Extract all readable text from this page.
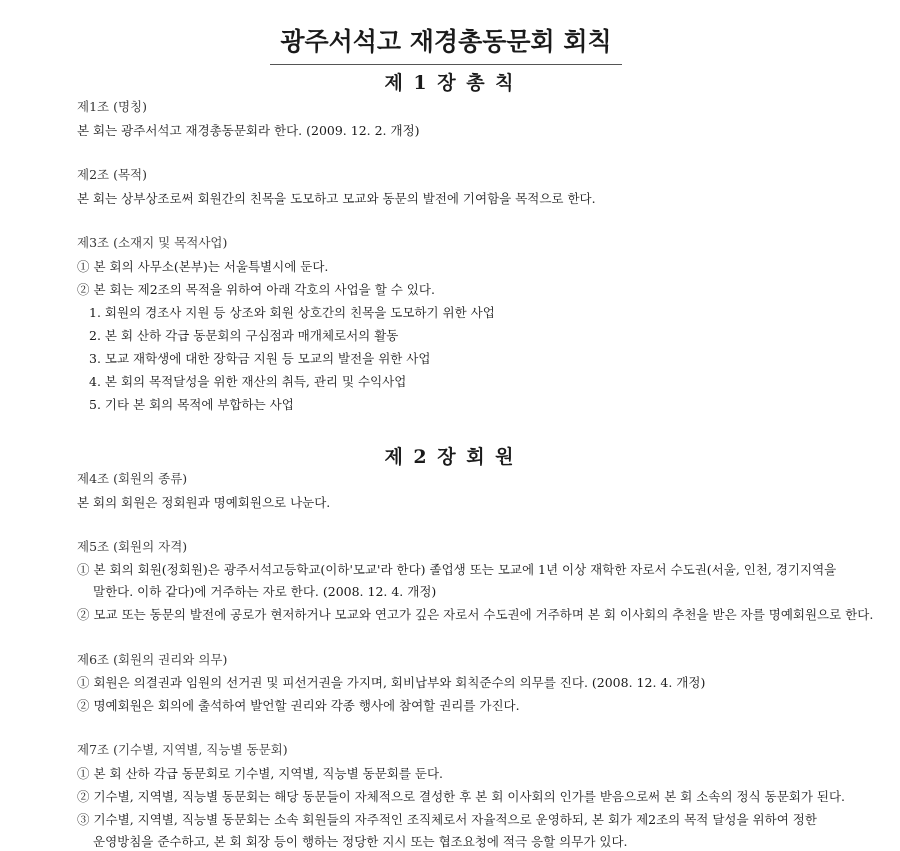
광주서석고 재경총동문회 회칙
제 1 장 총 칙
제1조 (명칭)
본 회는 광주서석고 재경총동문회라 한다. (2009. 12. 2. 개정)
제2조 (목적)
본 회는 상부상조로써 회원간의 친목을 도모하고 모교와 동문의 발전에 기여함을 목적으로 한다.
제3조 (소재지 및 목적사업)
① 본 회의 사무소(본부)는 서울특별시에 둔다.
② 본 회는 제2조의 목적을 위하여 아래 각호의 사업을 할 수 있다.
1. 회원의 경조사 지원 등 상조와 회원 상호간의 친목을 도모하기 위한 사업
2. 본 회 산하 각급 동문회의 구심점과 매개체로서의 활동
3. 모교 재학생에 대한 장학금 지원 등 모교의 발전을 위한 사업
4. 본 회의 목적달성을 위한 재산의 취득, 관리 및 수익사업
5. 기타 본 회의 목적에 부합하는 사업
제 2 장 회 원
제4조 (회원의 종류)
본 회의 회원은 정회원과 명예회원으로 나눈다.
제5조 (회원의 자격)
① 본 회의 회원(정회원)은 광주서석고등학교(이하'모교'라 한다) 졸업생 또는 모교에 1년 이상 재학한 자로서 수도권(서울, 인천, 경기지역을
말한다. 이하 같다)에 거주하는 자로 한다. (2008. 12. 4. 개정)
② 모교 또는 동문의 발전에 공로가 현저하거나 모교와 연고가 깊은 자로서 수도권에 거주하며 본 회 이사회의 추천을 받은 자를 명예회원으로 한다.
제6조 (회원의 권리와 의무)
① 회원은 의결권과 임원의 선거권 및 피선거권을 가지며, 회비납부와 회칙준수의 의무를 진다. (2008. 12. 4. 개정)
② 명예회원은 회의에 출석하여 발언할 권리와 각종 행사에 참여할 권리를 가진다.
제7조 (기수별, 지역별, 직능별 동문회)
① 본 회 산하 각급 동문회로 기수별, 지역별, 직능별 동문회를 둔다.
② 기수별, 지역별, 직능별 동문회는 해당 동문들이 자체적으로 결성한 후 본 회 이사회의 인가를 받음으로써 본 회 소속의 정식 동문회가 된다.
③ 기수별, 지역별, 직능별 동문회는 소속 회원들의 자주적인 조직체로서 자율적으로 운영하되, 본 회가 제2조의 목적 달성을 위하여 정한
운영방침을 준수하고, 본 회 회장 등이 행하는 정당한 지시 또는 협조요청에 적극 응할 의무가 있다.
